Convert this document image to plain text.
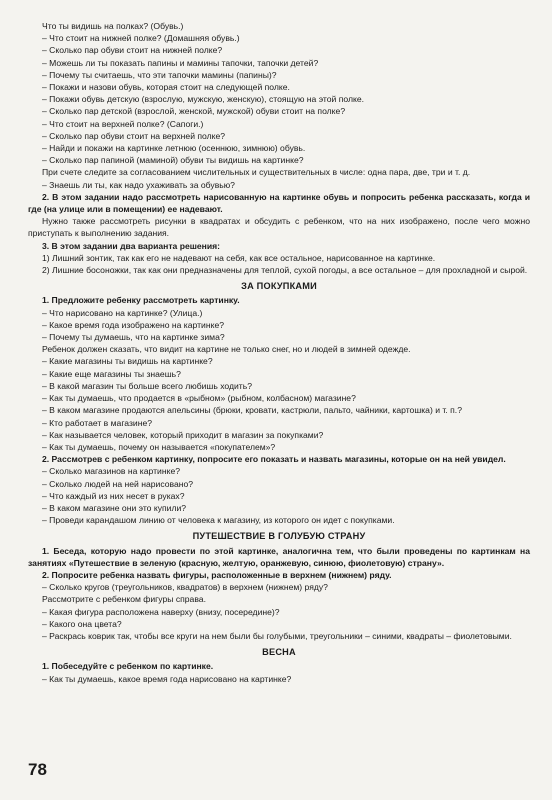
Что ты видишь на полках? (Обувь.)
– Что стоит на нижней полке? (Домашняя обувь.)
– Сколько пар обуви стоит на нижней полке?
– Можешь ли ты показать папины и мамины тапочки, тапочки детей?
– Почему ты считаешь, что эти тапочки мамины (папины)?
– Покажи и назови обувь, которая стоит на следующей полке.
– Покажи обувь детскую (взрослую, мужскую, женскую), стоящую на этой полке.
– Сколько пар детской (взрослой, женской, мужской) обуви стоит на полке?
– Что стоит на верхней полке? (Сапоги.)
– Сколько пар обуви стоит на верхней полке?
– Найди и покажи на картинке летнюю (осеннюю, зимнюю) обувь.
– Сколько пар папиной (маминой) обуви ты видишь на картинке?
При счете следите за согласованием числительных и существительных в числе: одна пара, две, три и т. д.
– Знаешь ли ты, как надо ухаживать за обувью?
2. В этом задании надо рассмотреть нарисованную на картинке обувь и попросить ребенка рассказать, когда и где (на улице или в помещении) ее надевают.
Нужно также рассмотреть рисунки в квадратах и обсудить с ребенком, что на них изображено, после чего можно приступать к выполнению задания.
3. В этом задании два варианта решения:
1) Лишний зонтик, так как его не надевают на себя, как все остальное, нарисованное на картинке.
2) Лишние босоножки, так как они предназначены для теплой, сухой погоды, а все остальное – для прохладной и сырой.
ЗА ПОКУПКАМИ
1. Предложите ребенку рассмотреть картинку.
– Что нарисовано на картинке? (Улица.)
– Какое время года изображено на картинке?
– Почему ты думаешь, что на картинке зима?
Ребенок должен сказать, что видит на картине не только снег, но и людей в зимней одежде.
– Какие магазины ты видишь на картинке?
– Какие еще магазины ты знаешь?
– В какой магазин ты больше всего любишь ходить?
– Как ты думаешь, что продается в «рыбном» (рыбном, колбасном) магазине?
– В каком магазине продаются апельсины (брюки, кровати, кастрюли, пальто, чайники, картошка) и т. п.?
– Кто работает в магазине?
– Как называется человек, который приходит в магазин за покупками?
– Как ты думаешь, почему он называется «покупателем»?
2. Рассмотрев с ребенком картинку, попросите его показать и назвать магазины, которые он на ней увидел.
– Сколько магазинов на картинке?
– Сколько людей на ней нарисовано?
– Что каждый из них несет в руках?
– В каком магазине они это купили?
– Проведи карандашом линию от человека к магазину, из которого он идет с покупками.
ПУТЕШЕСТВИЕ В ГОЛУБУЮ СТРАНУ
1. Беседа, которую надо провести по этой картинке, аналогична тем, что были проведены по картинкам на занятиях «Путешествие в зеленую (красную, желтую, оранжевую, синюю, фиолетовую) страну».
2. Попросите ребенка назвать фигуры, расположенные в верхнем (нижнем) ряду.
– Сколько кругов (треугольников, квадратов) в верхнем (нижнем) ряду?
Рассмотрите с ребенком фигуры справа.
– Какая фигура расположена наверху (внизу, посередине)?
– Какого она цвета?
– Раскрась коврик так, чтобы все круги на нем были бы голубыми, треугольники – синими, квадраты – фиолетовыми.
ВЕСНА
1. Побеседуйте с ребенком по картинке.
– Как ты думаешь, какое время года нарисовано на картинке?
78
